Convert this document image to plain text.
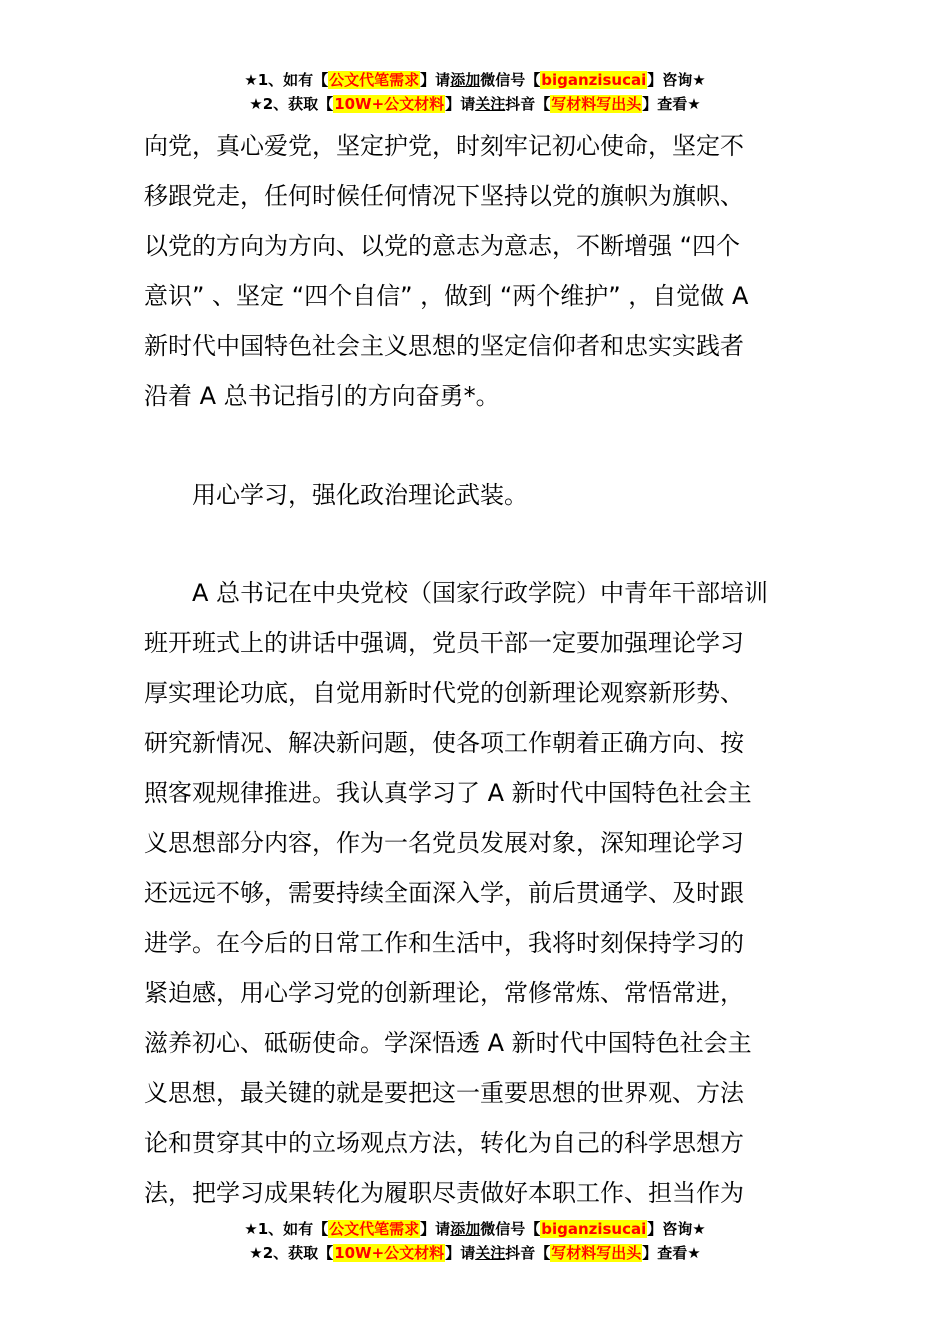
★1、如有【公文代笔需求】请添加微信号【biganzisucai】咨询★
★2、获取【10W+公文材料】请关注抖音【写材料写出头】查看★
向党，真心爱党，坚定护党，时刻牢记初心使命，坚定不
移跟党走，任何时候任何情况下坚持以党的旗帜为旗帜、
以党的方向为方向、以党的意志为意志，不断增强 “四个
意识” 、坚定 “四个自信” ，做到 “两个维护” ，自觉做 A
新时代中国特色社会主义思想的坚定信仰者和忠实实践者
沿着 A 总书记指引的方向奋勇*。
用心学习，强化政治理论武装。
A 总书记在中央党校（国家行政学院）中青年干部培训
班开班式上的讲话中强调，党员干部一定要加强理论学习
厚实理论功底，自觉用新时代党的创新理论观察新形势、
研究新情况、解决新问题，使各项工作朝着正确方向、按
照客观规律推进。我认真学习了 A 新时代中国特色社会主
义思想部分内容，作为一名党员发展对象，深知理论学习
还远远不够，需要持续全面深入学，前后贯通学、及时跟
进学。在今后的日常工作和生活中，我将时刻保持学习的
紧迫感，用心学习党的创新理论，常修常炼、常悟常进，
滋养初心、砥砺使命。学深悟透 A 新时代中国特色社会主
义思想，最关键的就是要把这一重要思想的世界观、方法
论和贯穿其中的立场观点方法，转化为自己的科学思想方
法，把学习成果转化为履职尽责做好本职工作、担当作为
★1、如有【公文代笔需求】请添加微信号【biganzisucai】咨询★
★2、获取【10W+公文材料】请关注抖音【写材料写出头】查看★
